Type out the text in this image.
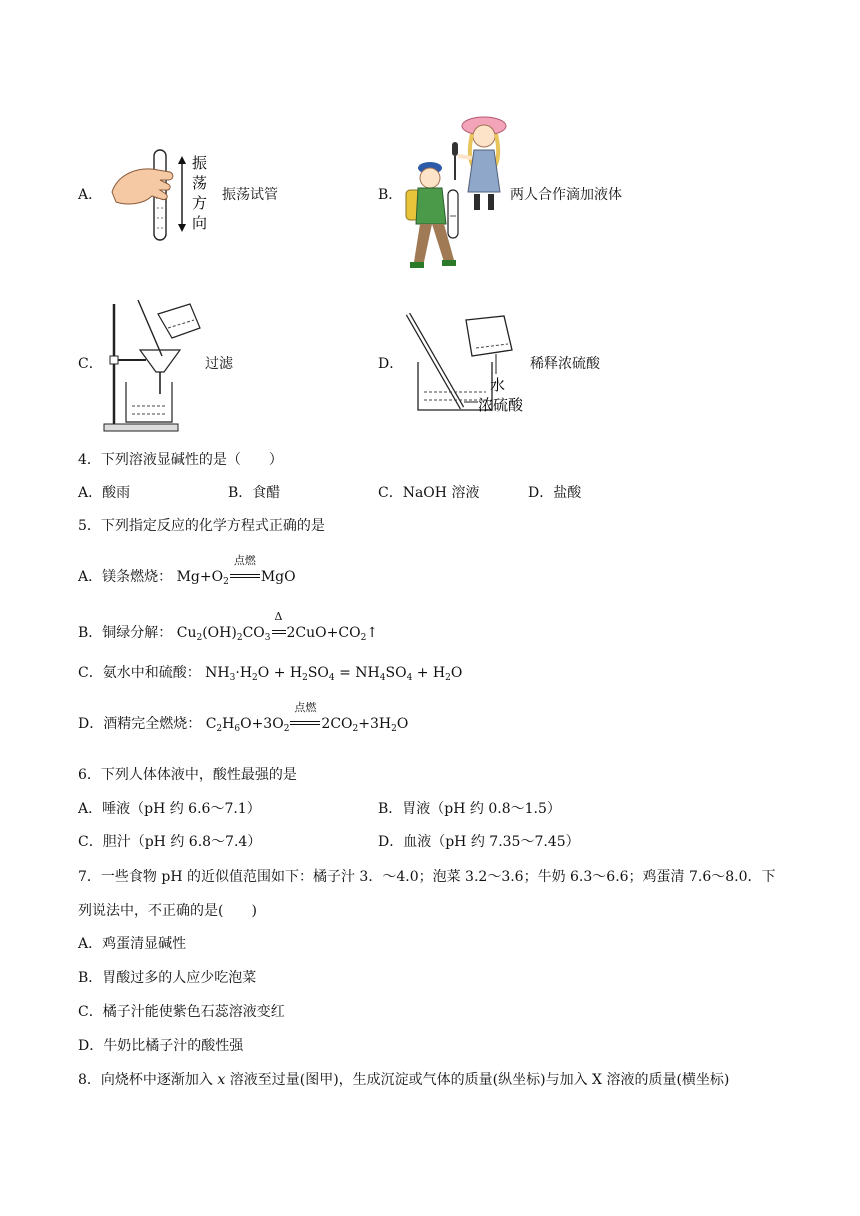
A．
振
荡
方
向
振荡试管	B．	两人合作滴加液体
C．	过滤	D．
水
浓硫酸
稀释浓硫酸
4．下列溶液显碱性的是（　　）
A．酸雨	B．食醋	C．NaOH 溶液	D．盐酸
5．下列指定反应的化学方程式正确的是
A．镁条燃烧： $Mg+O_2$
点燃
MgO
B．铜绿分解： $Cu_2(OH)_2CO_3$
Δ
$2CuO+CO_2↑$
C．氨水中和硫酸： $NH_3\cdot H_2O + H_2SO_4 = NH_4SO_4 + H_2O$
D．酒精完全燃烧： $C_2H_6O+3O_2$
点燃
$2CO_2+3H_2O$
6．下列人体体液中，酸性最强的是
A．唾液（pH 约 6.6～7.1）	B．胃液（pH 约 0.8～1.5）
C．胆汁（pH 约 6.8～7.4）	D．血液（pH 约 7.35～7.45）
7．一些食物 pH 的近似值范围如下：橘子汁 3．～4.0；泡菜 3.2～3.6；牛奶 6.3～6.6；鸡蛋清 7.6～8.0．下
列说法中，不正确的是(　　)
A．鸡蛋清显碱性
B．胃酸过多的人应少吃泡菜
C．橘子汁能使紫色石蕊溶液变红
D．牛奶比橘子汁的酸性强
8．向烧杯中逐渐加入 x 溶液至过量(图甲)，生成沉淀或气体的质量(纵坐标)与加入 X 溶液的质量(横坐标)
